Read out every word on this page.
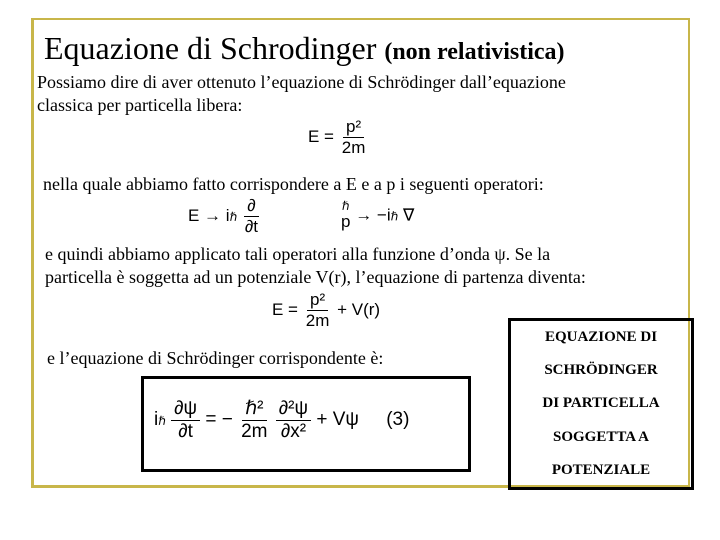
Equazione di Schrodinger (non relativistica)
Possiamo dire di aver ottenuto l’equazione di Schrödinger dall’equazione
classica per particella libera:
$E = \frac{\text{p²}}{2m}$
nella quale abbiamo fatto corrispondere a E e a p i seguenti operatori:
E → iℏ $\frac{\partial}{\partial t}$	ℏ
p → −iℏ ∇
e quindi abbiamo applicato tali operatori alla funzione d’onda ψ. Se la
particella è soggetta ad un potenziale V(r), l’equazione di partenza diventa:
$E = \frac{\text{p²}}{2m} + V(r)$
e l’equazione di Schrödinger corrispondente è:
iℏ $\frac{\partial\psi}{\partial t}$ = − $\frac{\text{ℏ²}}{2m}$
$\frac{\text{∂²ψ}}{\text{∂x²}} + V\psi$ (3)
EQUAZIONE DI
SCHRÖDINGER
DI PARTICELLA
SOGGETTA A
POTENZIALE
